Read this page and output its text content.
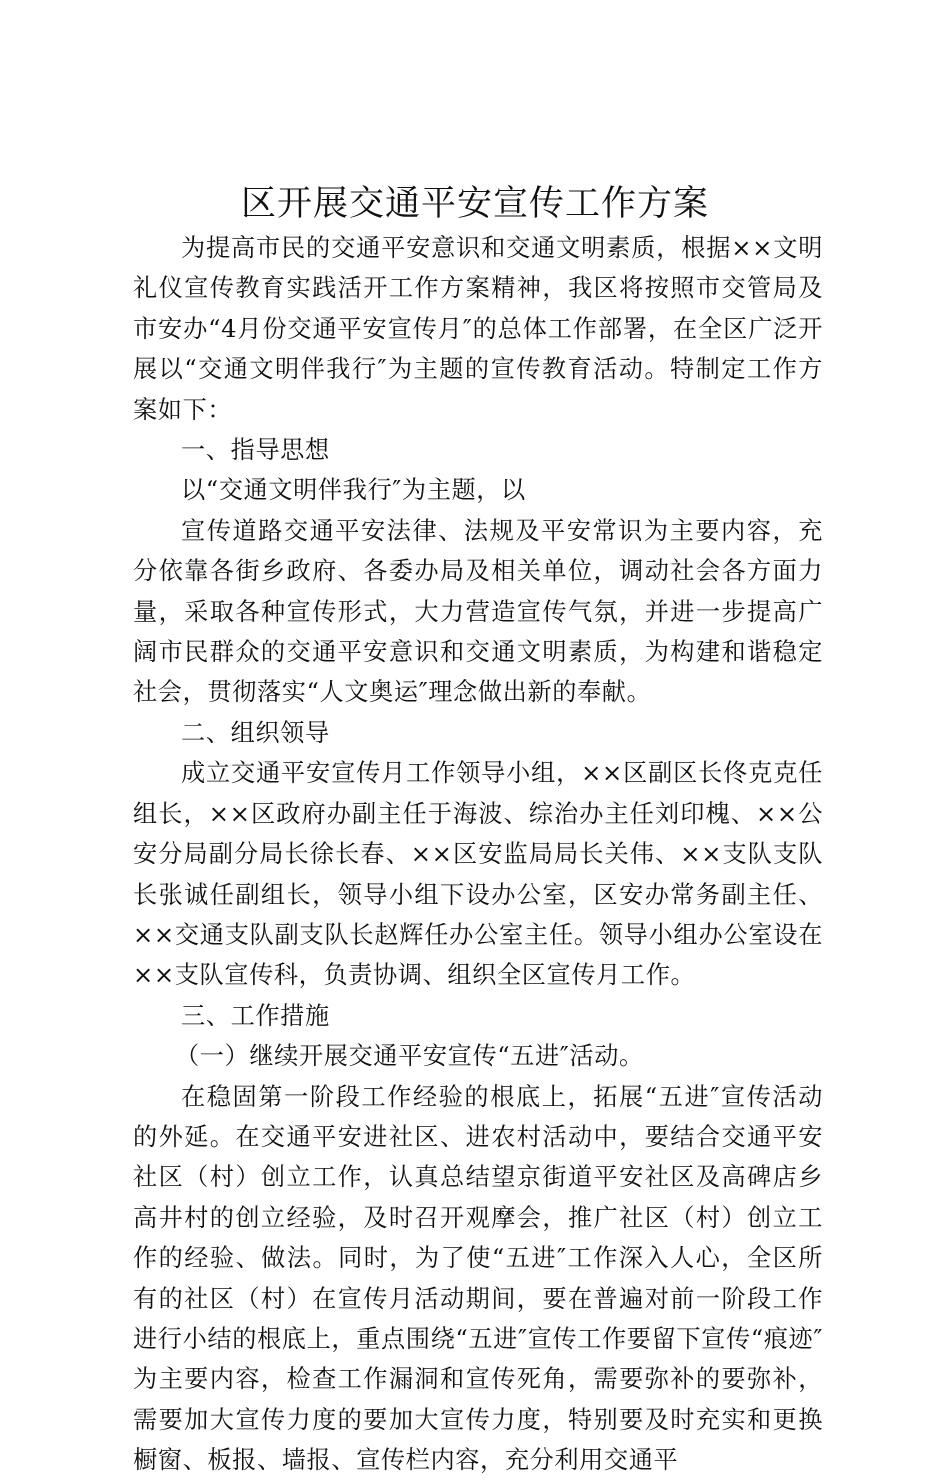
区开展交通平安宣传工作方案

为提高市民的交通平安意识和交通文明素质，根据××文明礼仪宣传教育实践活开工作方案精神，我区将按照市交管局及市安办“4月份交通平安宣传月″的总体工作部署，在全区广泛开展以“交通文明伴我行″为主题的宣传教育活动。特制定工作方案如下：

一、指导思想

以“交通文明伴我行″为主题，以

宣传道路交通平安法律、法规及平安常识为主要内容，充分依靠各街乡政府、各委办局及相关单位，调动社会各方面力量，采取各种宣传形式，大力营造宣传气氛，并进一步提高广阔市民群众的交通平安意识和交通文明素质，为构建和谐稳定社会，贯彻落实“人文奥运″理念做出新的奉献。

二、组织领导

成立交通平安宣传月工作领导小组，××区副区长佟克克任组长，××区政府办副主任于海波、综治办主任刘印槐、××公安分局副分局长徐长春、××区安监局局长关伟、××支队支队长张诚任副组长，领导小组下设办公室，区安办常务副主任、××交通支队副支队长赵辉任办公室主任。领导小组办公室设在××支队宣传科，负责协调、组织全区宣传月工作。

三、工作措施

（一）继续开展交通平安宣传“五进″活动。

在稳固第一阶段工作经验的根底上，拓展“五进″宣传活动的外延。在交通平安进社区、进农村活动中，要结合交通平安社区（村）创立工作，认真总结望京街道平安社区及高碑店乡高井村的创立经验，及时召开观摩会，推广社区（村）创立工作的经验、做法。同时，为了使“五进″工作深入人心，全区所有的社区（村）在宣传月活动期间，要在普遍对前一阶段工作进行小结的根底上，重点围绕“五进″宣传工作要留下宣传“痕迹″为主要内容，检查工作漏洞和宣传死角，需要弥补的要弥补，需要加大宣传力度的要加大宣传力度，特别要及时充实和更换橱窗、板报、墙报、宣传栏内容，充分利用交通平
